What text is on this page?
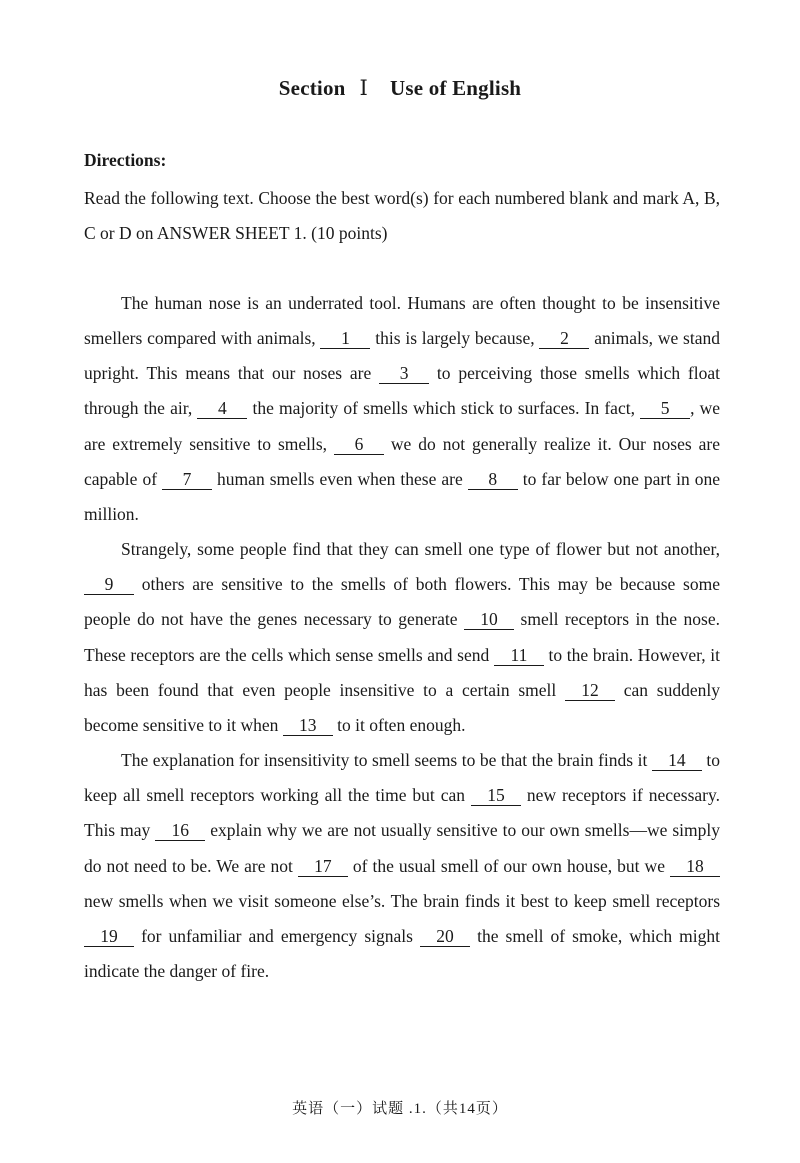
Section Ⅰ Use of English
Directions:

Read the following text. Choose the best word(s) for each numbered blank and mark A, B, C or D on ANSWER SHEET 1. (10 points)

The human nose is an underrated tool. Humans are often thought to be insensitive smellers compared with animals, 1 this is largely because, 2 animals, we stand upright. This means that our noses are 3 to perceiving those smells which float through the air, 4 the majority of smells which stick to surfaces. In fact, 5 , we are extremely sensitive to smells, 6 we do not generally realize it. Our noses are capable of 7 human smells even when these are 8 to far below one part in one million.

Strangely, some people find that they can smell one type of flower but not another, 9 others are sensitive to the smells of both flowers. This may be because some people do not have the genes necessary to generate 10 smell receptors in the nose. These receptors are the cells which sense smells and send 11 to the brain. However, it has been found that even people insensitive to a certain smell 12 can suddenly become sensitive to it when 13 to it often enough.

The explanation for insensitivity to smell seems to be that the brain finds it 14 to keep all smell receptors working all the time but can 15 new receptors if necessary. This may 16 explain why we are not usually sensitive to our own smells—we simply do not need to be. We are not 17 of the usual smell of our own house, but we 18 new smells when we visit someone else’s. The brain finds it best to keep smell receptors 19 for unfamiliar and emergency signals 20 the smell of smoke, which might indicate the danger of fire.

英语（一）试题 .1.（共14页）
